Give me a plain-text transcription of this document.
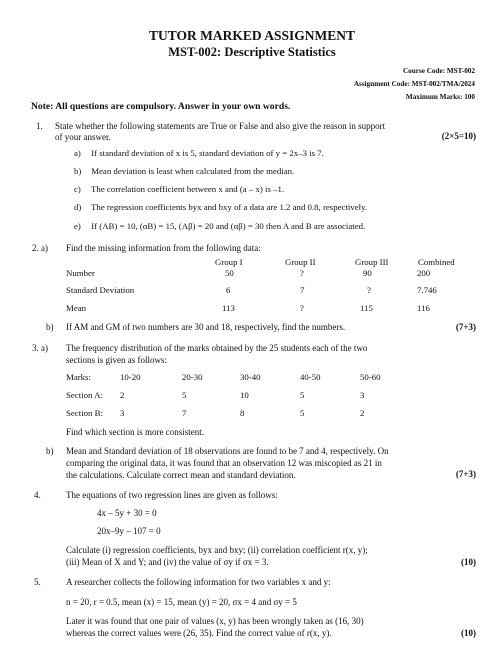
TUTOR MARKED ASSIGNMENT
MST-002: Descriptive Statistics
Course Code: MST-002
Assignment Code: MST-002/TMA/2024
Maximum Marks: 100
Note: All questions are compulsory. Answer in your own words.
1. State whether the following statements are True or False and also give the reason in support
of your answer.	(2×5=10)
a) If standard deviation of x is 5, standard deviation of y = 2x–3 is 7.
b) Mean deviation is least when calculated from the median.
c) The correlation coefficient between x and (a – x) is –1.
d) The regression coefficients byx and bxy of a data are 1.2 and 0.8, respectively.
e) If (AB) = 10, (αB) = 15, (Aβ) = 20 and (αβ) = 30 then A and B are associated.
2. a) Find the missing information from the following data:
Group I	Group II	Group III	Combined
Number	50	?	90	200
Standard Deviation	6	7	?	7.746
Mean	113	?	115	116
b) If AM and GM of two numbers are 30 and 18, respectively, find the numbers.	(7+3)
3. a) The frequency distribution of the marks obtained by the 25 students each of the two
sections is given as follows:
Marks:	10-20	20-30	30-40	40-50	50-60
Section A: 2	5	10	5	3
Section B: 3	7	8	5	2
Find which section is more consistent.
b) Mean and Standard deviation of 18 observations are found to be 7 and 4, respectively. On
comparing the original data, it was found that an observation 12 was miscopied as 21 in
the calculations. Calculate correct mean and standard deviation.	(7+3)
4.	The equations of two regression lines are given as follows:
4x – 5y + 30 = 0
20x–9y – 107 = 0
Calculate (i) regression coefficients, byx and bxy; (ii) correlation coefficient r(x, y);
(iii) Mean of X and Y; and (iv) the value of σy if σx = 3.	(10)
5.	A researcher collects the following information for two variables x and y:
n = 20, r = 0.5, mean (x) = 15, mean (y) = 20, σx = 4 and σy = 5
Later it was found that one pair of values (x, y) has been wrongly taken as (16, 30)
whereas the correct values were (26, 35). Find the correct value of r(x, y).	(10)
